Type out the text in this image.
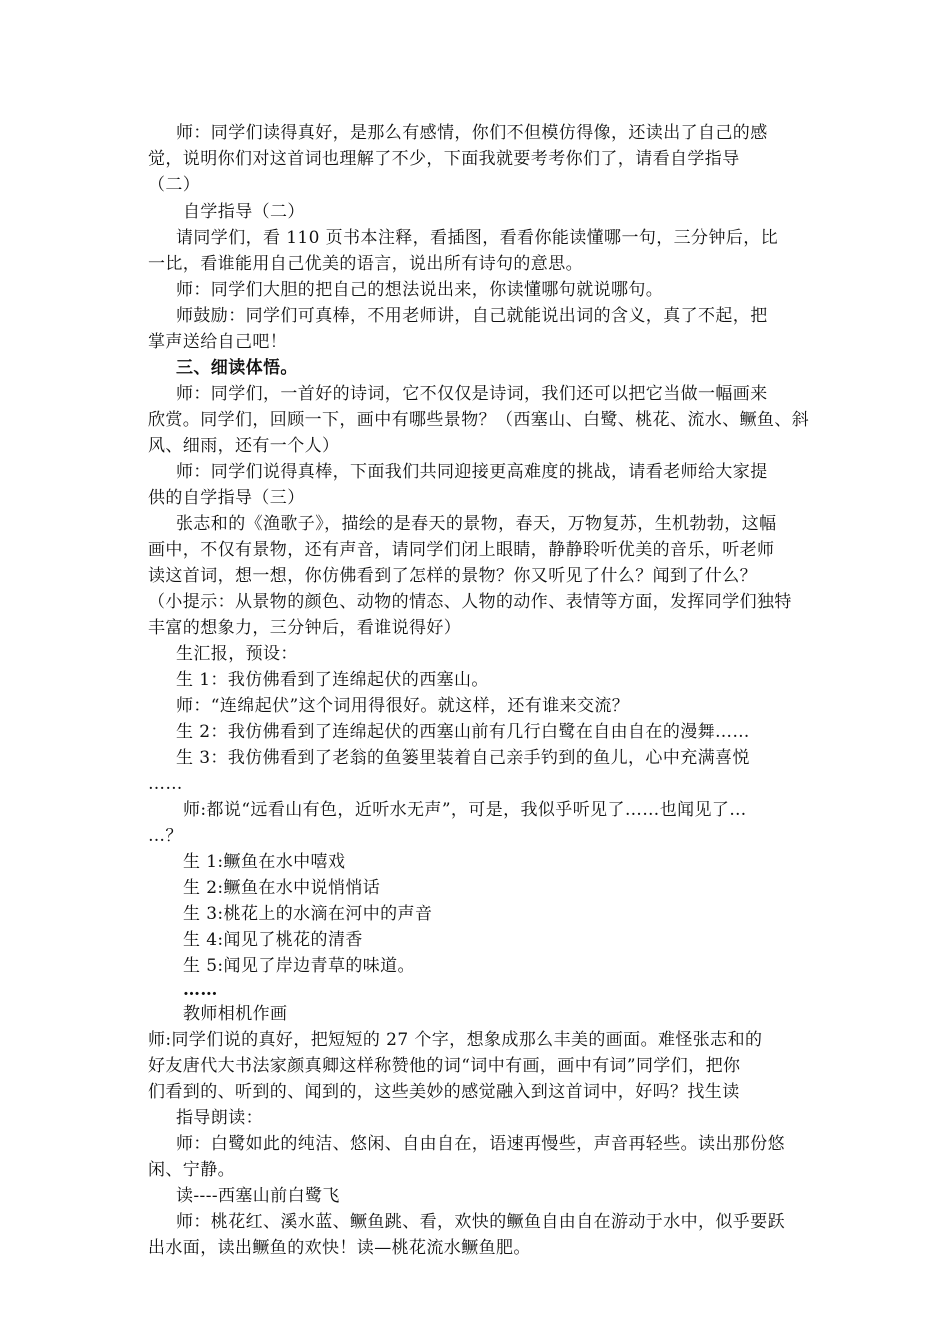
师：同学们读得真好，是那么有感情，你们不但模仿得像，还读出了自己的感
觉，说明你们对这首词也理解了不少，下面我就要考考你们了，请看自学指导
（二）
自学指导（二）
请同学们，看 110 页书本注释，看插图，看看你能读懂哪一句，三分钟后，比
一比，看谁能用自己优美的语言，说出所有诗句的意思。
师：同学们大胆的把自己的想法说出来，你读懂哪句就说哪句。
师鼓励：同学们可真棒，不用老师讲，自己就能说出词的含义，真了不起，把
掌声送给自己吧！
三、细读体悟。
师：同学们，一首好的诗词，它不仅仅是诗词，我们还可以把它当做一幅画来
欣赏。同学们，回顾一下，画中有哪些景物？（西塞山、白鹭、桃花、流水、鳜鱼、斜
风、细雨，还有一个人）
师：同学们说得真棒，下面我们共同迎接更高难度的挑战，请看老师给大家提
供的自学指导（三）
张志和的《渔歌子》，描绘的是春天的景物，春天，万物复苏，生机勃勃，这幅
画中，不仅有景物，还有声音，请同学们闭上眼睛，静静聆听优美的音乐，听老师
读这首词，想一想，你仿佛看到了怎样的景物？你又听见了什么？闻到了什么？
（小提示：从景物的颜色、动物的情态、人物的动作、表情等方面，发挥同学们独特
丰富的想象力，三分钟后，看谁说得好）
生汇报，预设：
生 1：我仿佛看到了连绵起伏的西塞山。
师：“连绵起伏”这个词用得很好。就这样，还有谁来交流？
生 2：我仿佛看到了连绵起伏的西塞山前有几行白鹭在自由自在的漫舞……
生 3：我仿佛看到了老翁的鱼篓里装着自己亲手钓到的鱼儿，心中充满喜悦
……
师:都说“远看山有色，近听水无声”，可是，我似乎听见了……也闻见了…
…？
生 1:鳜鱼在水中嘻戏
生 2:鳜鱼在水中说悄悄话
生 3:桃花上的水滴在河中的声音
生 4:闻见了桃花的清香
生 5:闻见了岸边青草的味道。
……
教师相机作画
师:同学们说的真好，把短短的 27 个字，想象成那么丰美的画面。难怪张志和的
好友唐代大书法家颜真卿这样称赞他的词“词中有画，画中有词”同学们，把你
们看到的、听到的、闻到的，这些美妙的感觉融入到这首词中，好吗？找生读
指导朗读：
师：白鹭如此的纯洁、悠闲、自由自在，语速再慢些，声音再轻些。读出那份悠
闲、宁静。
读----西塞山前白鹭飞
师：桃花红、溪水蓝、鳜鱼跳、看，欢快的鳜鱼自由自在游动于水中，似乎要跃
出水面，读出鳜鱼的欢快！读—桃花流水鳜鱼肥。
